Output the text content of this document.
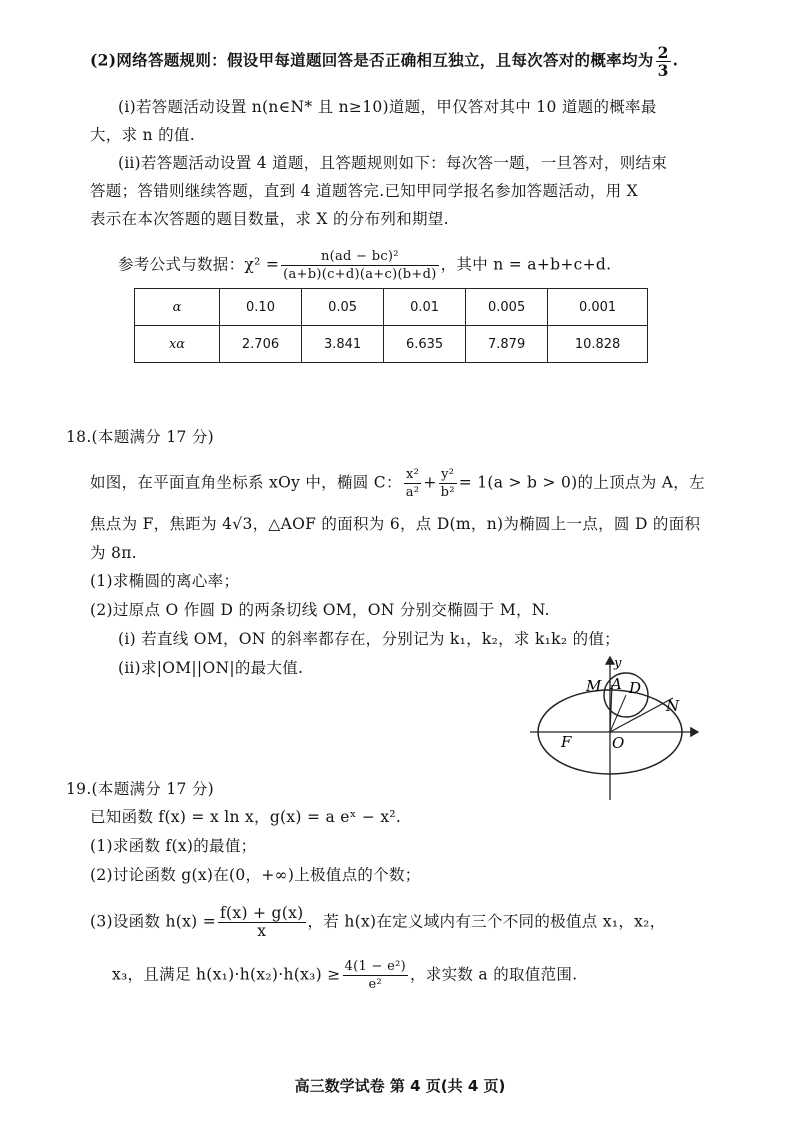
(2)网络答题规则：假设甲每道题回答是否正确相互独立，且每次答对的概率均为 $\frac{2}{3}$ .
(ⅰ)若答题活动设置 n(n∈N* 且 n≥10)道题，甲仅答对其中 10 道题的概率最
大，求 n 的值.
(ⅱ)若答题活动设置 4 道题，且答题规则如下：每次答一题，一旦答对，则结束
答题；答错则继续答题，直到 4 道题答完.已知甲同学报名参加答题活动，用 X
表示在本次答题的题目数量，求 X 的分布列和期望.
参考公式与数据：$\chi^2 = \frac{\text{n(ad − bc)²}}{(a+b)(c+d)(a+c)(b+d)}$ ，其中 n = a+b+c+d.
α	0.10	0.05	0.01	0.005	0.001
xα	2.706	3.841	6.635	7.879	10.828
18.(本题满分 17 分)
如图，在平面直角坐标系 xOy 中，椭圆 C： $\frac{\text{x²}}{\text{a²}} + \frac{\text{y²}}{\text{b²}} = 1(a > b > 0)$的上顶点为 A，左
焦点为 F，焦距为 4√3，△AOF 的面积为 6，点 D(m，n)为椭圆上一点，圆 D 的面积
为 8π.
(1)求椭圆的离心率；
(2)过原点 O 作圆 D 的两条切线 OM，ON 分别交椭圆于 M，N.
(ⅰ) 若直线 OM，ON 的斜率都存在，分别记为 k₁，k₂，求 k₁k₂ 的值；
(ⅱ)求|OM||ON|的最大值.	y
M A D
N
F	O
19.(本题满分 17 分)
已知函数 f(x) = x ln x，g(x) = a eˣ − x².
(1)求函数 f(x)的最值；
(2)讨论函数 g(x)在(0，+∞)上极值点的个数；
(3)设函数 $h(x) = \frac{f(x) + g(x)}{x}$ ，若 h(x)在定义域内有三个不同的极值点 x₁，x₂，
x₃，且满足 $h(x_1)\cdot h(x_2)\cdot h(x_3) \ge \frac{\text{4(1 − e²)}}{\text{e²}}$ ，求实数 a 的取值范围.
高三数学试卷 第 4 页(共 4 页)
